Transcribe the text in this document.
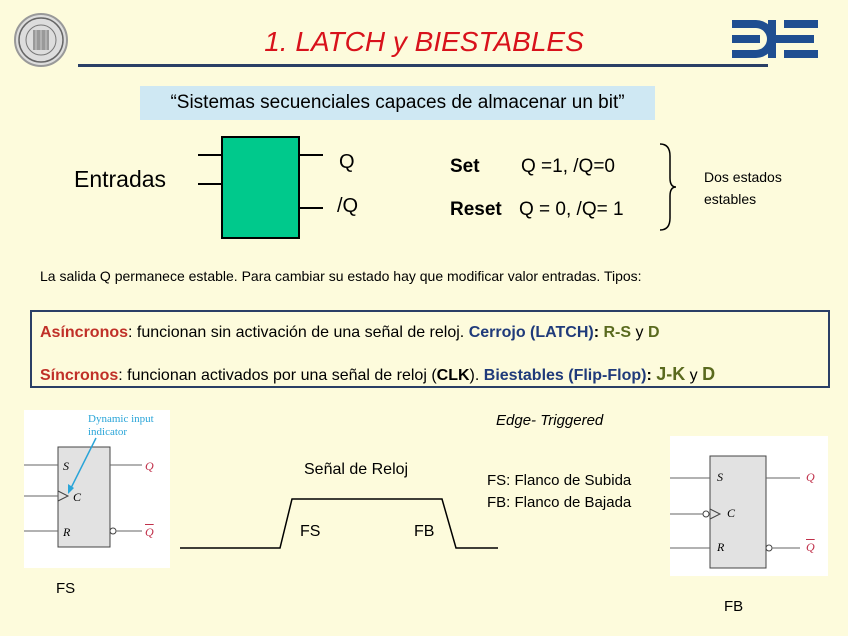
1. LATCH y BIESTABLES
“Sistemas secuenciales capaces de almacenar un bit”
Entradas
Q
/Q
Set Q =1, /Q=0
Reset Q = 0, /Q= 1
Dos estados
estables
La salida Q permanece estable. Para cambiar su estado hay que modificar valor entradas. Tipos:
Asíncronos: funcionan sin activación de una señal de reloj. Cerrojo (LATCH): R-S y D
Síncronos: funcionan activados por una señal de reloj (CLK). Biestables (Flip-Flop): J-K y D
Dynamic input
indicator
S
C
R
Q
$\overline{Q}$
FS
Edge- Triggered
Señal de Reloj
FS	FB
FS: Flanco de Subida
FB: Flanco de Bajada
S
C
R
Q
$\overline{Q}$
FB
